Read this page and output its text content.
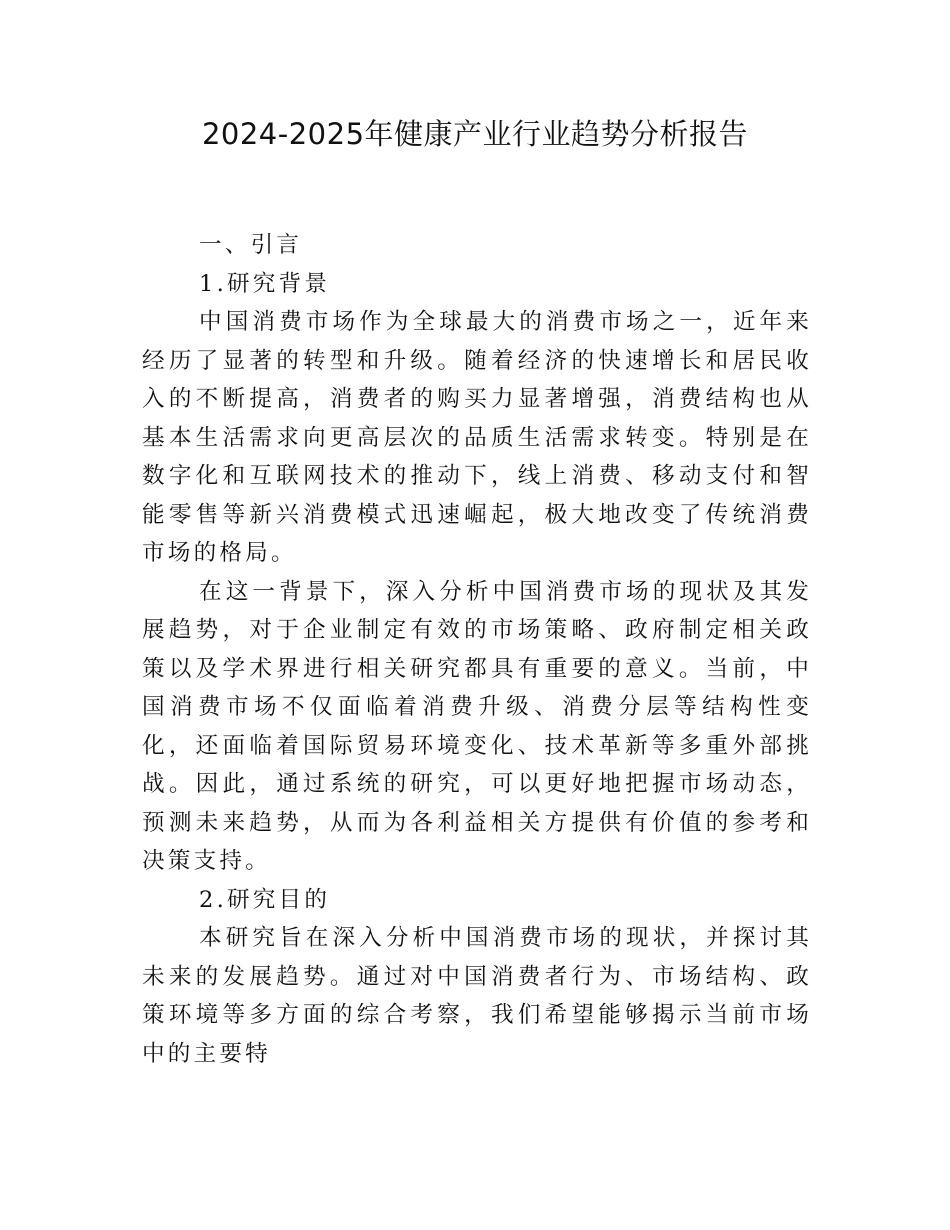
2024-2025年健康产业行业趋势分析报告
一、引言
1.研究背景

中国消费市场作为全球最大的消费市场之一，近年来经历了显著的转型和升级。随着经济的快速增长和居民收入的不断提高，消费者的购买力显著增强，消费结构也从基本生活需求向更高层次的品质生活需求转变。特别是在数字化和互联网技术的推动下，线上消费、移动支付和智能零售等新兴消费模式迅速崛起，极大地改变了传统消费市场的格局。

在这一背景下，深入分析中国消费市场的现状及其发展趋势，对于企业制定有效的市场策略、政府制定相关政策以及学术界进行相关研究都具有重要的意义。当前，中国消费市场不仅面临着消费升级、消费分层等结构性变化，还面临着国际贸易环境变化、技术革新等多重外部挑战。因此，通过系统的研究，可以更好地把握市场动态，预测未来趋势，从而为各利益相关方提供有价值的参考和决策支持。

2.研究目的

本研究旨在深入分析中国消费市场的现状，并探讨其未来的发展趋势。通过对中国消费者行为、市场结构、政策环境等多方面的综合考察，我们希望能够揭示当前市场中的主要特
